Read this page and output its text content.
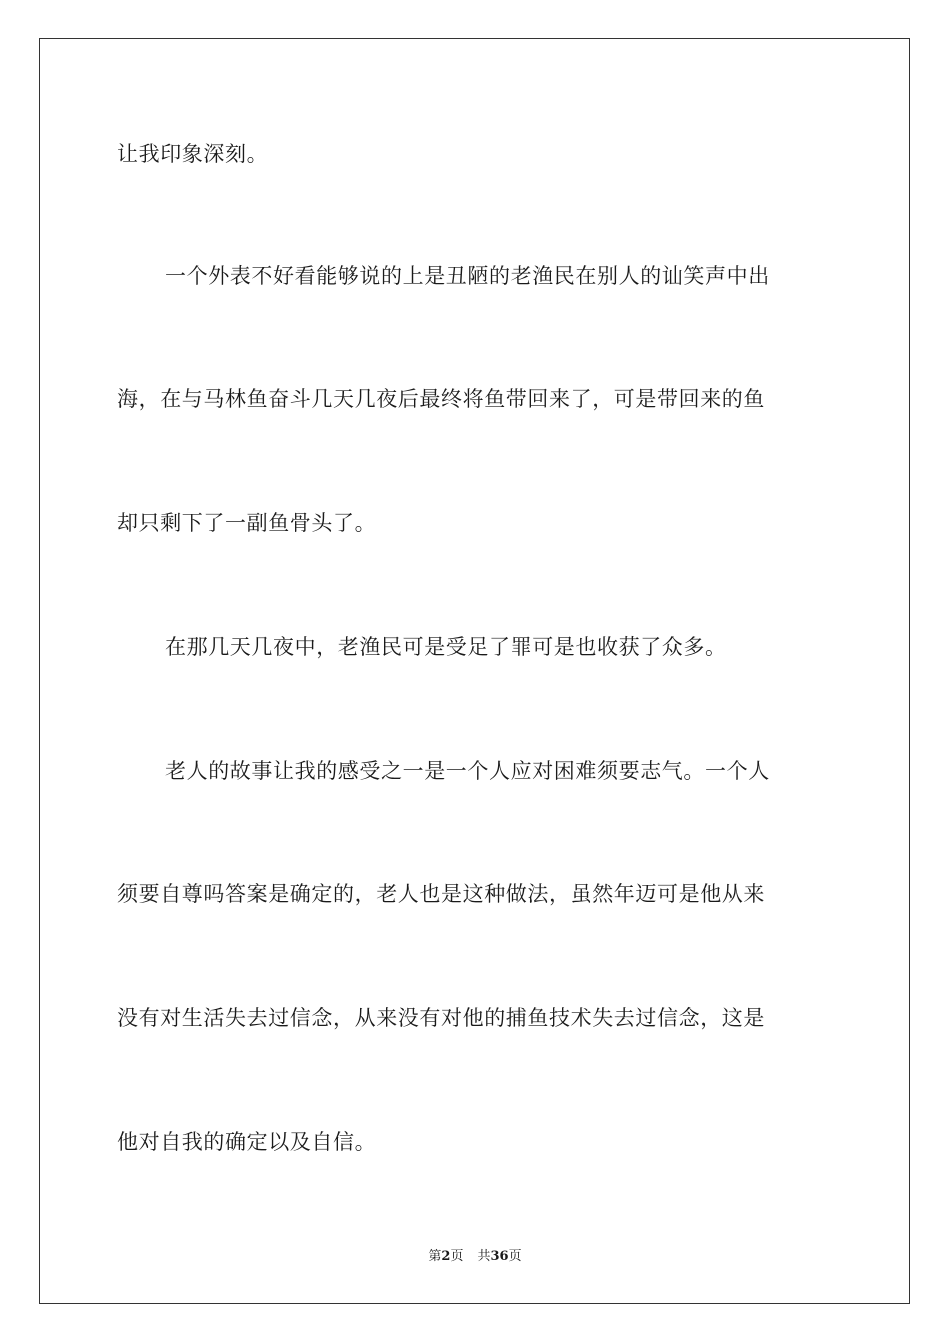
让我印象深刻。
一个外表不好看能够说的上是丑陋的老渔民在别人的讪笑声中出
海，在与马林鱼奋斗几天几夜后最终将鱼带回来了，可是带回来的鱼
却只剩下了一副鱼骨头了。
在那几天几夜中，老渔民可是受足了罪可是也收获了众多。
老人的故事让我的感受之一是一个人应对困难须要志气。一个人
须要自尊吗答案是确定的，老人也是这种做法，虽然年迈可是他从来
没有对生活失去过信念，从来没有对他的捕鱼技术失去过信念，这是
他对自我的确定以及自信。
第2页 共36页
